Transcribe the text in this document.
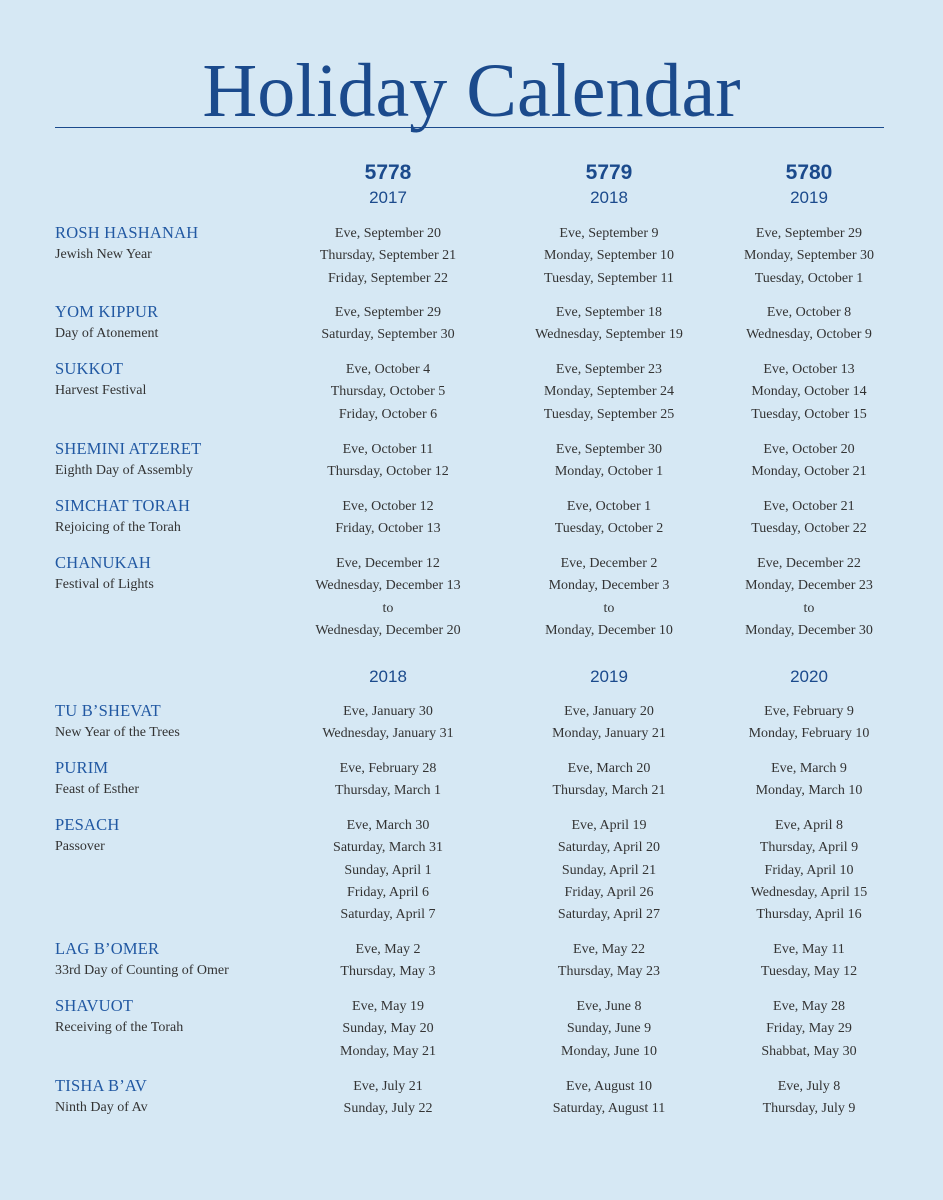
Holiday Calendar
5778
2017
5779
2018
5780
2019
ROSH HASHANAH
Jewish New Year
Eve, September 20
Thursday, September 21
Friday, September 22
Eve, September 9
Monday, September 10
Tuesday, September 11
Eve, September 29
Monday, September 30
Tuesday, October 1
YOM KIPPUR
Day of Atonement
Eve, September 29
Saturday, September 30
Eve, September 18
Wednesday, September 19
Eve, October 8
Wednesday, October 9
SUKKOT
Harvest Festival
Eve, October 4
Thursday, October 5
Friday, October 6
Eve, September 23
Monday, September 24
Tuesday, September 25
Eve, October 13
Monday, October 14
Tuesday, October 15
SHEMINI ATZERET
Eighth Day of Assembly
Eve, October 11
Thursday, October 12
Eve, September 30
Monday, October 1
Eve, October 20
Monday, October 21
SIMCHAT TORAH
Rejoicing of the Torah
Eve, October 12
Friday, October 13
Eve, October 1
Tuesday, October 2
Eve, October 21
Tuesday, October 22
CHANUKAH
Festival of Lights
Eve, December 12
Wednesday, December 13
to
Wednesday, December 20
Eve, December 2
Monday, December 3
to
Monday, December 10
Eve, December 22
Monday, December 23
to
Monday, December 30
2018	2019	2020
TU B’SHEVAT
New Year of the Trees
Eve, January 30
Wednesday, January 31
Eve, January 20
Monday, January 21
Eve, February 9
Monday, February 10
PURIM
Feast of Esther
Eve, February 28
Thursday, March 1
Eve, March 20
Thursday, March 21
Eve, March 9
Monday, March 10
PESACH
Passover
Eve, March 30
Saturday, March 31
Sunday, April 1
Friday, April 6
Saturday, April 7
Eve, April 19
Saturday, April 20
Sunday, April 21
Friday, April 26
Saturday, April 27
Eve, April 8
Thursday, April 9
Friday, April 10
Wednesday, April 15
Thursday, April 16
LAG B’OMER
33rd Day of Counting of Omer
Eve, May 2
Thursday, May 3
Eve, May 22
Thursday, May 23
Eve, May 11
Tuesday, May 12
SHAVUOT
Receiving of the Torah
Eve, May 19
Sunday, May 20
Monday, May 21
Eve, June 8
Sunday, June 9
Monday, June 10
Eve, May 28
Friday, May 29
Shabbat, May 30
TISHA B’AV
Ninth Day of Av
Eve, July 21
Sunday, July 22
Eve, August 10
Saturday, August 11
Eve, July 8
Thursday, July 9
